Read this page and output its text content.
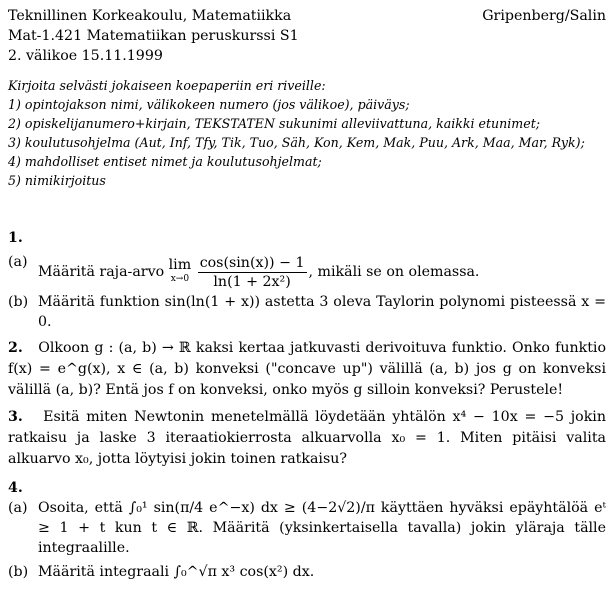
Teknillinen Korkeakoulu, Matematiikka	Gripenberg/Salin
Mat-1.421 Matematiikan peruskurssi S1
2. välikoe 15.11.1999
Kirjoita selvästi jokaiseen koepaperiin eri riveille:
1) opintojakson nimi, välikokeen numero (jos välikoe), päiväys;
2) opiskelijanumero+kirjain, TEKSTATEN sukunimi alleviivattuna, kaikki etunimet;
3) koulutusohjelma (Aut, Inf, Tfy, Tik, Tuo, Säh, Kon, Kem, Mak, Puu, Ark, Maa, Mar, Ryk);
4) mahdolliset entiset nimet ja koulutusohjelmat;
5) nimikirjoitus
1.
(a)
Määritä raja-arvo lim
x→0
$\frac{\cos(\sin(x)) - 1}{\text{ln(1 + 2x²)}}$ , mikäli se on olemassa.
(b) Määritä funktion sin(ln(1 + x)) astetta 3 oleva Taylorin polynomi pisteessä x = 0.
2. Olkoon g : (a, b) → ℝ kaksi kertaa jatkuvasti derivoituva funktio. Onko funktio f(x) = e^g(x), x ∈ (a, b) konveksi ("concave up") välillä (a, b) jos g on konveksi välillä (a, b)? Entä jos f on konveksi, onko myös g silloin konveksi? Perustele!
3. Esitä miten Newtonin menetelmällä löydetään yhtälön x⁴ − 10x = −5 jokin ratkaisu ja laske 3 iteraatiokierrosta alkuarvolla x₀ = 1. Miten pitäisi valita alkuarvo x₀, jotta löytyisi jokin toinen ratkaisu?
4.
(a) Osoita, että ∫₀¹ sin(π/4 e^−x) dx ≥ (4−2√2)/π käyttäen hyväksi epäyhtälöä eᵗ ≥ 1 + t kun t ∈ ℝ. Määritä (yksinkertaisella tavalla) jokin yläraja tälle integraalille.
(b) Määritä integraali ∫₀^√π x³ cos(x²) dx.
